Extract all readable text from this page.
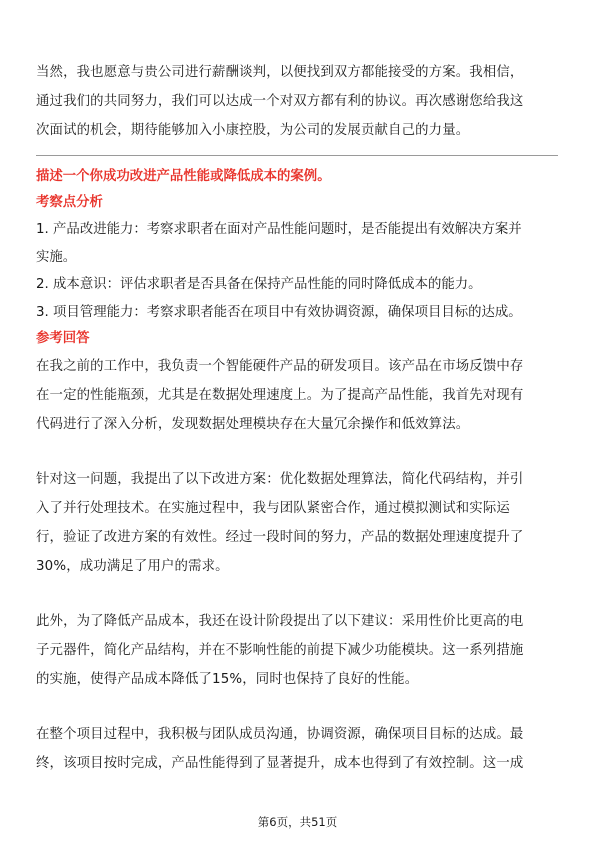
当然，我也愿意与贵公司进行薪酬谈判，以便找到双方都能接受的方案。我相信，
通过我们的共同努力，我们可以达成一个对双方都有利的协议。再次感谢您给我这
次面试的机会，期待能够加入小康控股，为公司的发展贡献自己的力量。

描述一个你成功改进产品性能或降低成本的案例。

考察点分析

1. 产品改进能力：考察求职者在面对产品性能问题时，是否能提出有效解决方案并
实施。
2. 成本意识：评估求职者是否具备在保持产品性能的同时降低成本的能力。
3. 项目管理能力：考察求职者能否在项目中有效协调资源，确保项目目标的达成。

参考回答

在我之前的工作中，我负责一个智能硬件产品的研发项目。该产品在市场反馈中存
在一定的性能瓶颈，尤其是在数据处理速度上。为了提高产品性能，我首先对现有
代码进行了深入分析，发现数据处理模块存在大量冗余操作和低效算法。

针对这一问题，我提出了以下改进方案：优化数据处理算法，简化代码结构，并引
入了并行处理技术。在实施过程中，我与团队紧密合作，通过模拟测试和实际运
行，验证了改进方案的有效性。经过一段时间的努力，产品的数据处理速度提升了
30%，成功满足了用户的需求。

此外，为了降低产品成本，我还在设计阶段提出了以下建议：采用性价比更高的电
子元器件，简化产品结构，并在不影响性能的前提下减少功能模块。这一系列措施
的实施，使得产品成本降低了15%，同时也保持了良好的性能。

在整个项目过程中，我积极与团队成员沟通，协调资源，确保项目目标的达成。最
终，该项目按时完成，产品性能得到了显著提升，成本也得到了有效控制。这一成

第6页，共51页
